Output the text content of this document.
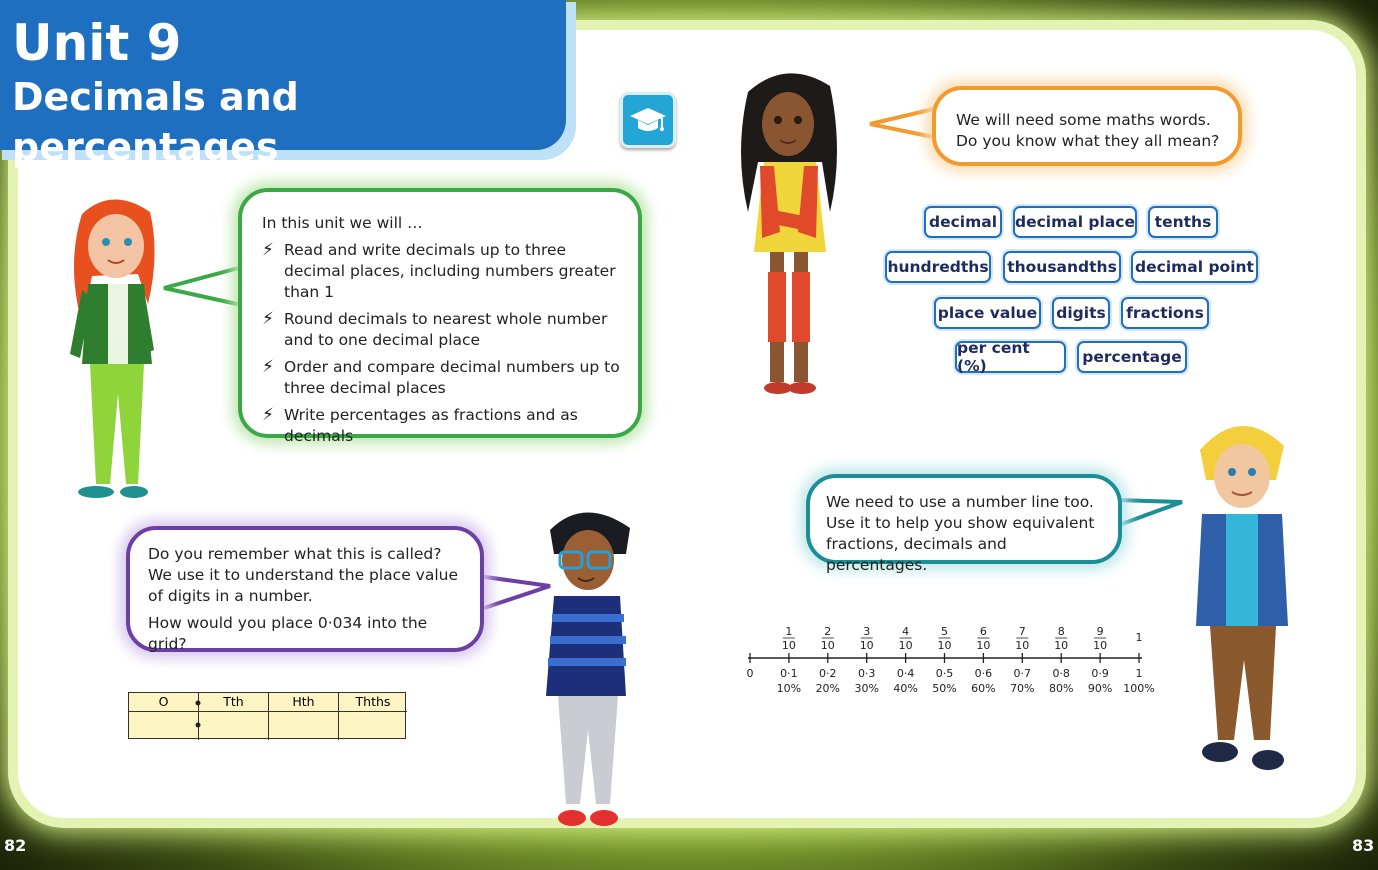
Unit 9
Decimals and percentages
In this unit we will …
⚡ Read and write decimals up to three decimal places, including numbers greater than 1
⚡ Round decimals to nearest whole number and to one decimal place
⚡ Order and compare decimal numbers up to three decimal places
⚡ Write percentages as fractions and as decimals
We will need some maths words.
Do you know what they all mean?
decimal	decimal place	tenths
hundredths thousandths decimal point
place value digits	fractions
per cent (%)	percentage

Do you remember what this is called? We use it to understand the place value of digits in a number.

How would you place 0·034 into the grid?

O	Tth	Hth	Thths
We need to use a number line too. Use it to help you show equivalent fractions, decimals and percentages.
0
1
10
2
10
3
10
4
10
5
10
6
10
7
10
8
10
9
10
1
0·1 0·2 0·3 0·4 0·5 0·6 0·7 0·8 0·9 1
10% 20% 30% 40% 50% 60% 70% 80% 90% 100%
82	83
